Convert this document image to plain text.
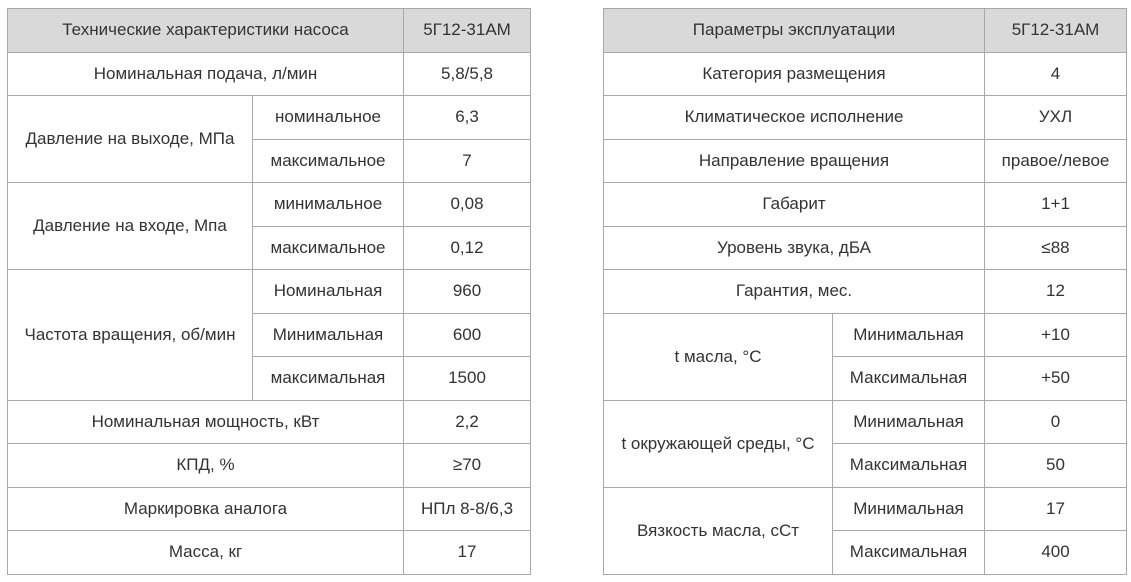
Технические характеристики насоса		5Г12-31АМ
Номинальная подача, л/мин		5,8/5,8
Давление на выходе, МПа	номинальное	6,3
	максимальное	7
Давление на входе, Мпа	минимальное	0,08
	максимальное	0,12
Частота вращения, об/мин	Номинальная	960
	Минимальная	600
	максимальная	1500
Номинальная мощность, кВт		2,2
КПД, %		≥70
Маркировка аналога		НПл 8-8/6,3
Масса, кг		17
Параметры эксплуатации		5Г12-31АМ
Категория размещения		4
Климатическое исполнение		УХЛ
Направление вращения		правое/левое
Габарит		1+1
Уровень звука, дБА		≤88
Гарантия, мес.		12
t масла, °С	Минимальная	+10
	Максимальная	+50
t окружающей среды, °С	Минимальная	0
	Максимальная	50
Вязкость масла, сСт	Минимальная	17
	Максимальная	400
